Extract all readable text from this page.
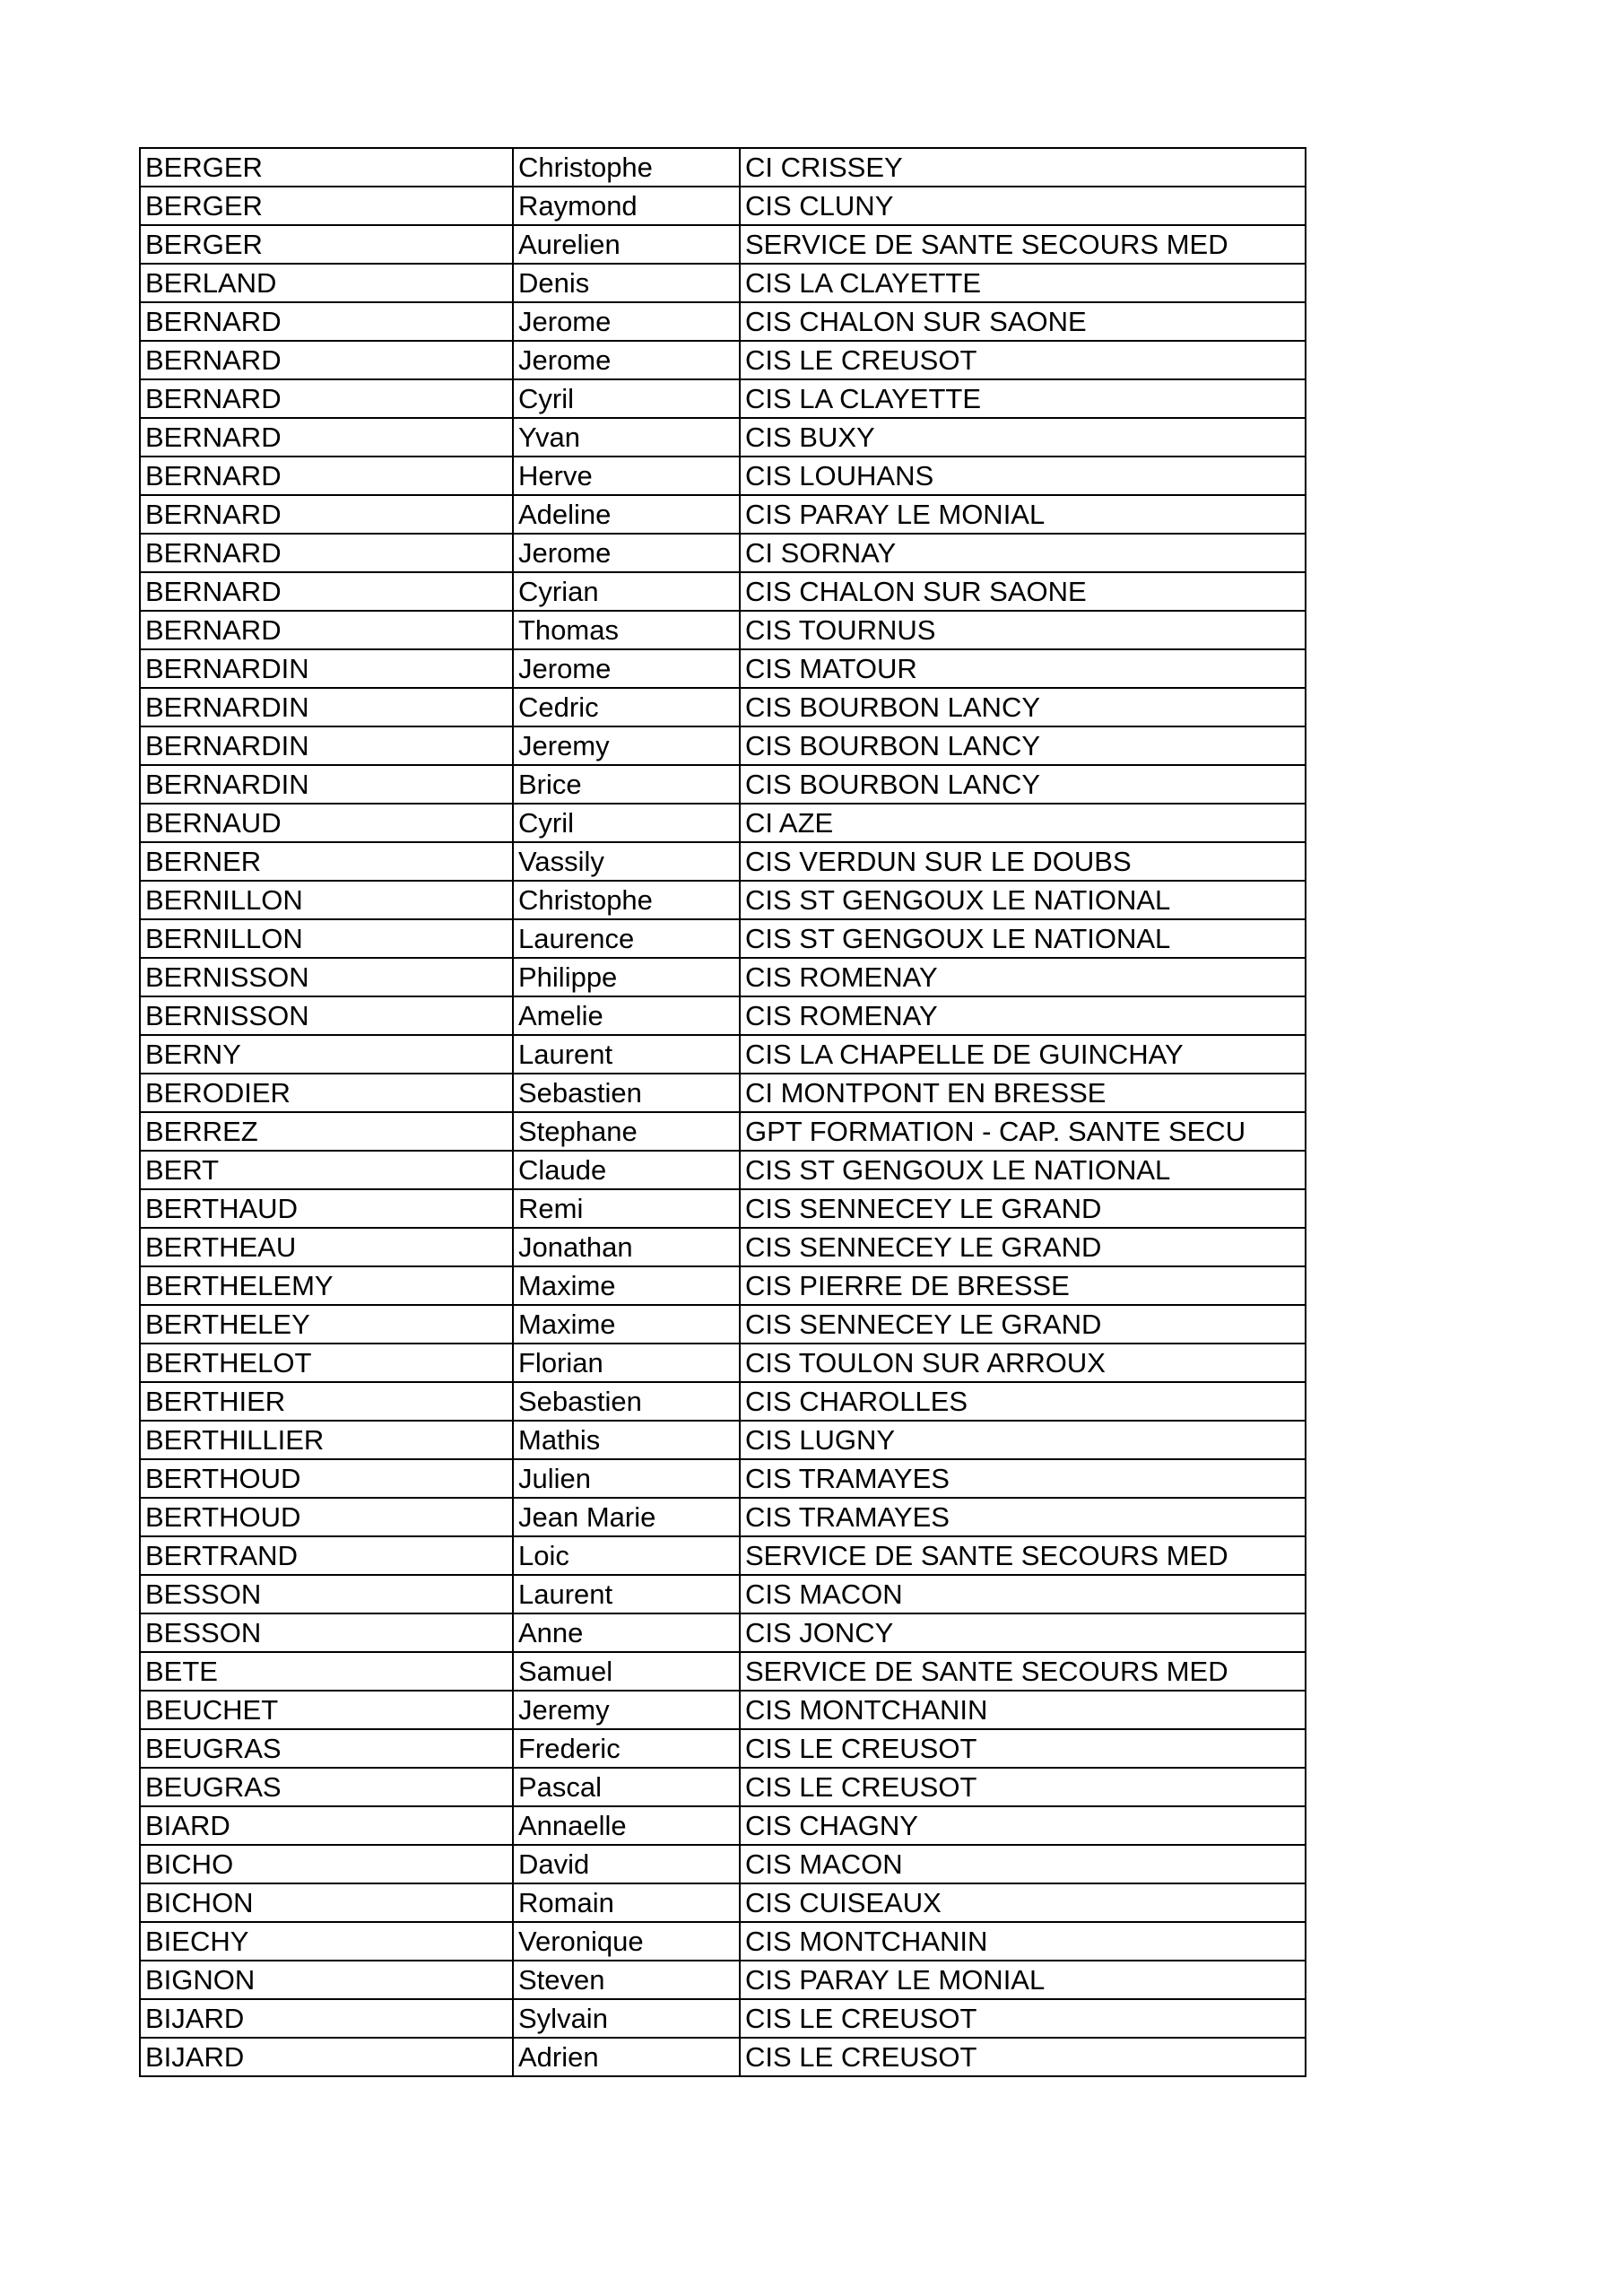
BERGER	Christophe	CI CRISSEY
BERGER	Raymond	CIS CLUNY
BERGER	Aurelien	SERVICE DE SANTE SECOURS MED
BERLAND	Denis	CIS LA CLAYETTE
BERNARD	Jerome	CIS CHALON SUR SAONE
BERNARD	Jerome	CIS LE CREUSOT
BERNARD	Cyril	CIS LA CLAYETTE
BERNARD	Yvan	CIS BUXY
BERNARD	Herve	CIS LOUHANS
BERNARD	Adeline	CIS PARAY LE MONIAL
BERNARD	Jerome	CI SORNAY
BERNARD	Cyrian	CIS CHALON SUR SAONE
BERNARD	Thomas	CIS TOURNUS
BERNARDIN	Jerome	CIS MATOUR
BERNARDIN	Cedric	CIS BOURBON LANCY
BERNARDIN	Jeremy	CIS BOURBON LANCY
BERNARDIN	Brice	CIS BOURBON LANCY
BERNAUD	Cyril	CI AZE
BERNER	Vassily	CIS VERDUN SUR LE DOUBS
BERNILLON	Christophe	CIS ST GENGOUX LE NATIONAL
BERNILLON	Laurence	CIS ST GENGOUX LE NATIONAL
BERNISSON	Philippe	CIS ROMENAY
BERNISSON	Amelie	CIS ROMENAY
BERNY	Laurent	CIS LA CHAPELLE DE GUINCHAY
BERODIER	Sebastien	CI MONTPONT EN BRESSE
BERREZ	Stephane	GPT FORMATION - CAP. SANTE SECU
BERT	Claude	CIS ST GENGOUX LE NATIONAL
BERTHAUD	Remi	CIS SENNECEY LE GRAND
BERTHEAU	Jonathan	CIS SENNECEY LE GRAND
BERTHELEMY	Maxime	CIS PIERRE DE BRESSE
BERTHELEY	Maxime	CIS SENNECEY LE GRAND
BERTHELOT	Florian	CIS TOULON SUR ARROUX
BERTHIER	Sebastien	CIS CHAROLLES
BERTHILLIER	Mathis	CIS LUGNY
BERTHOUD	Julien	CIS TRAMAYES
BERTHOUD	Jean Marie	CIS TRAMAYES
BERTRAND	Loic	SERVICE DE SANTE SECOURS MED
BESSON	Laurent	CIS MACON
BESSON	Anne	CIS JONCY
BETE	Samuel	SERVICE DE SANTE SECOURS MED
BEUCHET	Jeremy	CIS MONTCHANIN
BEUGRAS	Frederic	CIS LE CREUSOT
BEUGRAS	Pascal	CIS LE CREUSOT
BIARD	Annaelle	CIS CHAGNY
BICHO	David	CIS MACON
BICHON	Romain	CIS CUISEAUX
BIECHY	Veronique	CIS MONTCHANIN
BIGNON	Steven	CIS PARAY LE MONIAL
BIJARD	Sylvain	CIS LE CREUSOT
BIJARD	Adrien	CIS LE CREUSOT
